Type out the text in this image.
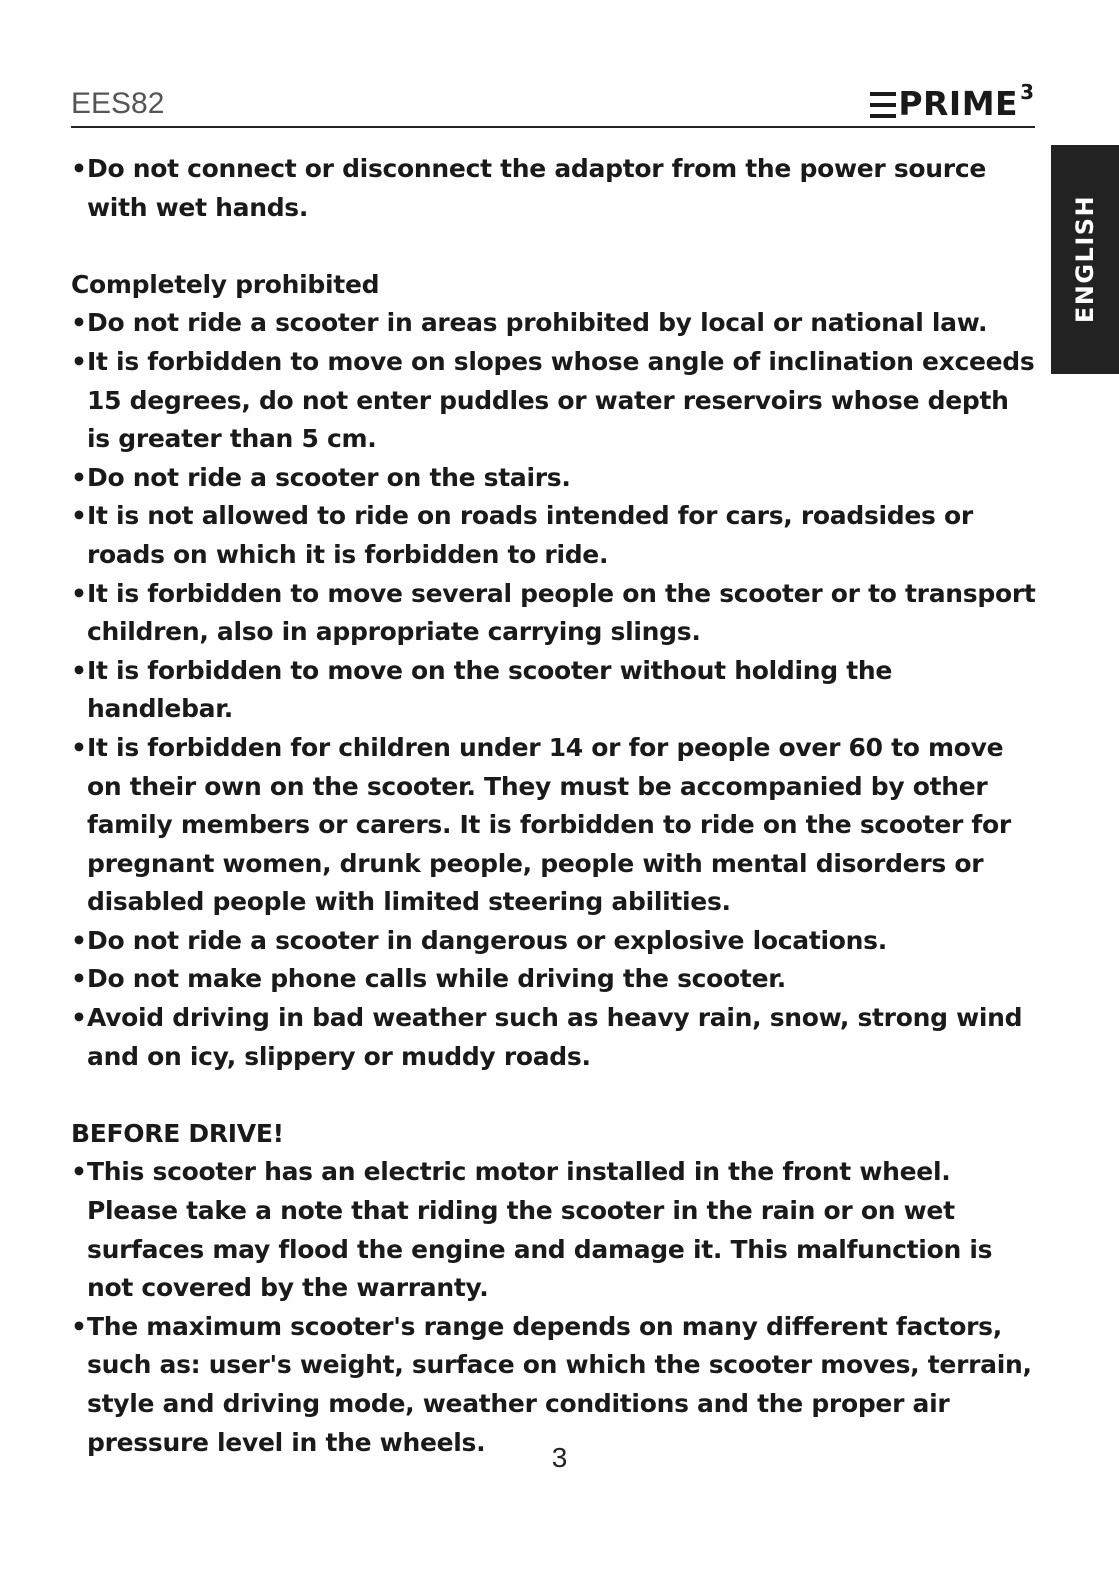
EES82	PRIME 3
ENGLISH
• Do not connect or disconnect the adaptor from the power source with wet hands.
Completely prohibited
• Do not ride a scooter in areas prohibited by local or national law.
• It is forbidden to move on slopes whose angle of inclination exceeds 15 degrees, do not enter puddles or water reservoirs whose depth is greater than 5 cm.
• Do not ride a scooter on the stairs.
• It is not allowed to ride on roads intended for cars, roadsides or roads on which it is forbidden to ride.
• It is forbidden to move several people on the scooter or to transport children, also in appropriate carrying slings.
• It is forbidden to move on the scooter without holding the handlebar.
• It is forbidden for children under 14 or for people over 60 to move on their own on the scooter. They must be accompanied by other family members or carers. It is forbidden to ride on the scooter for pregnant women, drunk people, people with mental disorders or disabled people with limited steering abilities.
• Do not ride a scooter in dangerous or explosive locations.
• Do not make phone calls while driving the scooter.
• Avoid driving in bad weather such as heavy rain, snow, strong wind and on icy, slippery or muddy roads.
BEFORE DRIVE!
• This scooter has an electric motor installed in the front wheel. Please take a note that riding the scooter in the rain or on wet surfaces may flood the engine and damage it. This malfunction is not covered by the warranty.
• The maximum scooter's range depends on many different factors, such as: user's weight, surface on which the scooter moves, terrain, style and driving mode, weather conditions and the proper air pressure level in the wheels.	3
